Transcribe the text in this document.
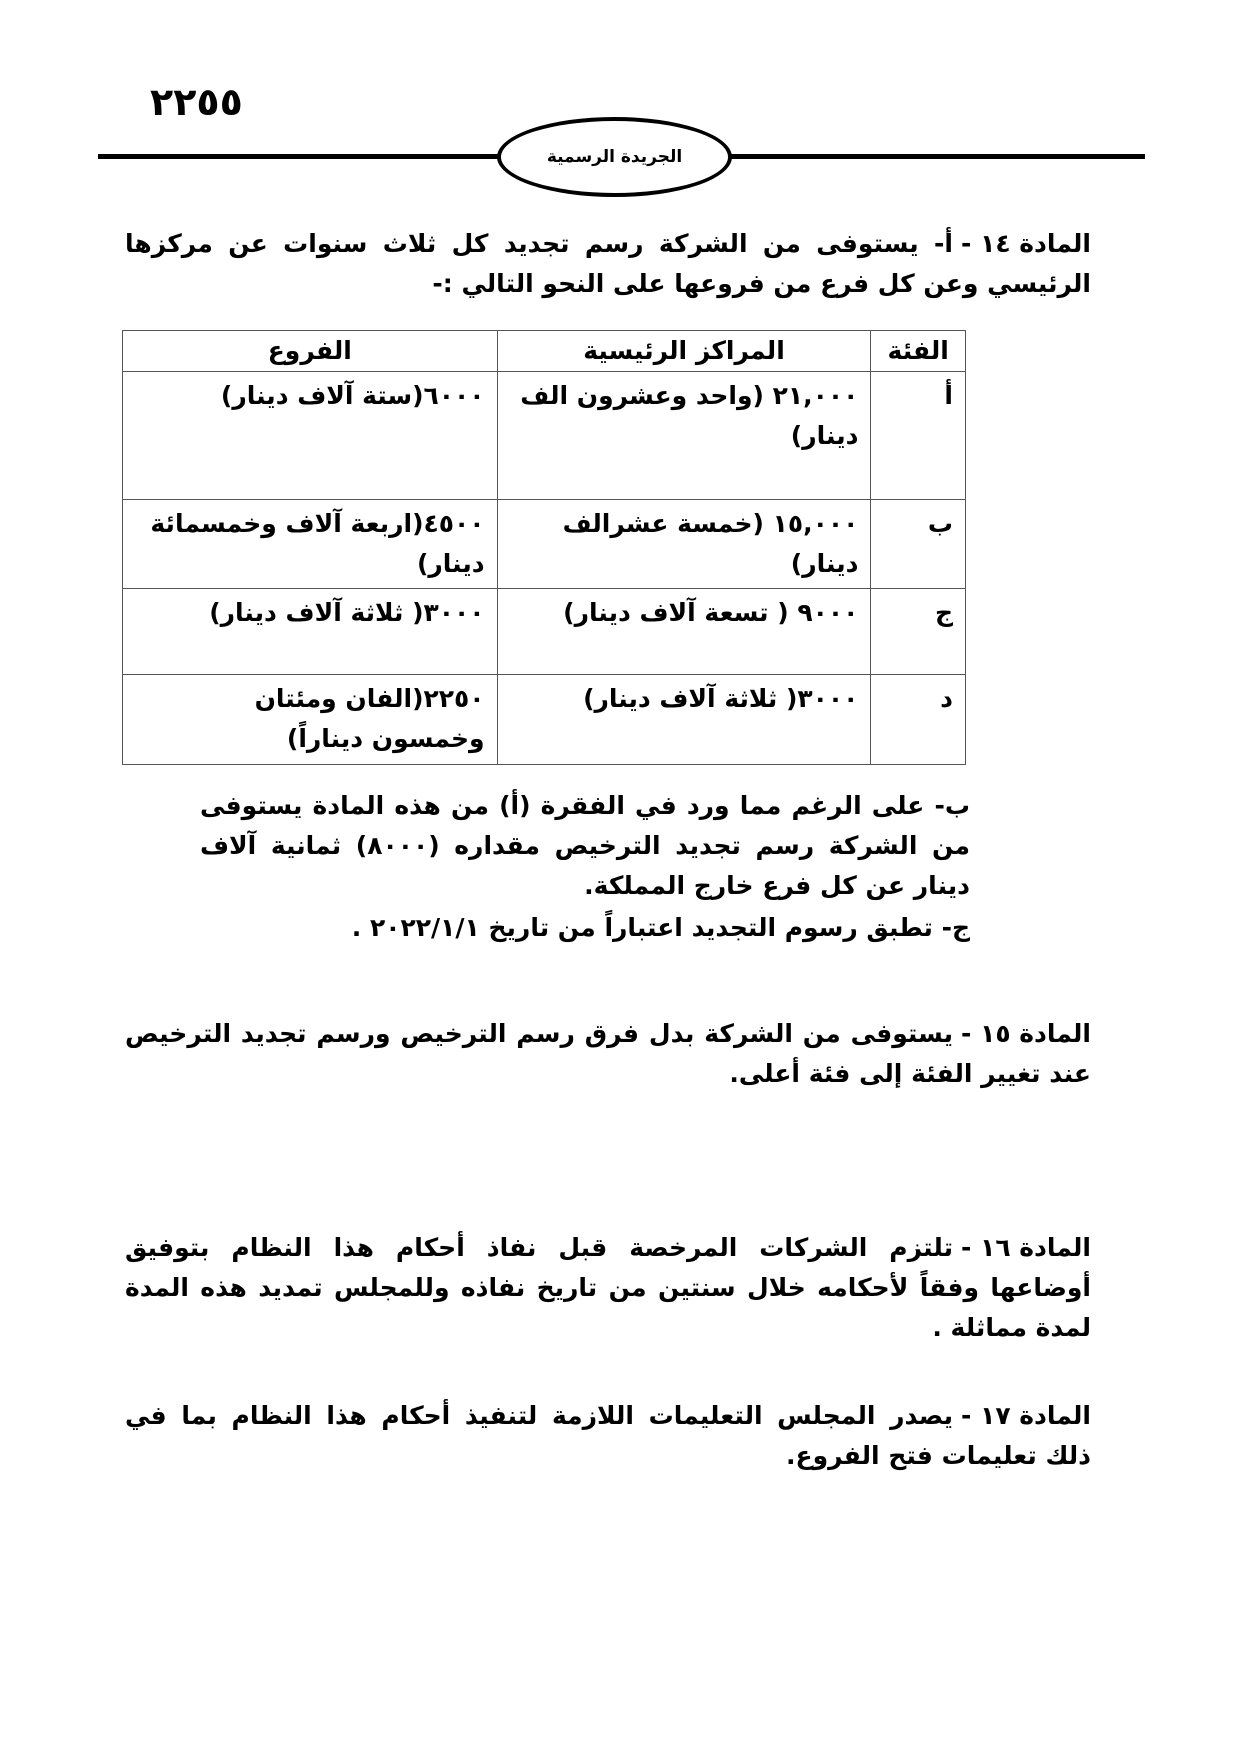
٢٢٥٥
الجريدة الرسمية
المادة ١٤ -
أ- يستوفى من الشركة رسم تجديد كل ثلاث سنوات عن مركزها الرئيسي وعن كل فرع من فروعها على النحو التالي :-
الفئة	المراكز الرئيسية	الفروع
أ	٢١,٠٠٠ (واحد وعشرون الف دينار)	٦٠٠٠(ستة آلاف دينار)
ب	١٥,٠٠٠ (خمسة عشرالف دينار)	٤٥٠٠(اربعة آلاف وخمسمائة دينار)
ج	٩٠٠٠ ( تسعة آلاف دينار)	٣٠٠٠( ثلاثة آلاف دينار)
د	٣٠٠٠( ثلاثة آلاف دينار)	٢٢٥٠(الفان ومئتان وخمسون ديناراً)
ب- على الرغم مما ورد في الفقرة (أ) من هذه المادة يستوفى من الشركة رسم تجديد الترخيص مقداره (٨٠٠٠) ثمانية آلاف دينار عن كل فرع خارج المملكة.
ج- تطبق رسوم التجديد اعتباراً من تاريخ ٢٠٢٢/١/١ .
المادة ١٥ -
يستوفى من الشركة بدل فرق رسم الترخيص ورسم تجديد الترخيص عند تغيير الفئة إلى فئة أعلى.
المادة ١٦ -
تلتزم الشركات المرخصة قبل نفاذ أحكام هذا النظام بتوفيق أوضاعها وفقاً لأحكامه خلال سنتين من تاريخ نفاذه وللمجلس تمديد هذه المدة لمدة مماثلة .
المادة ١٧ -
يصدر المجلس التعليمات اللازمة لتنفيذ أحكام هذا النظام بما في ذلك تعليمات فتح الفروع.
